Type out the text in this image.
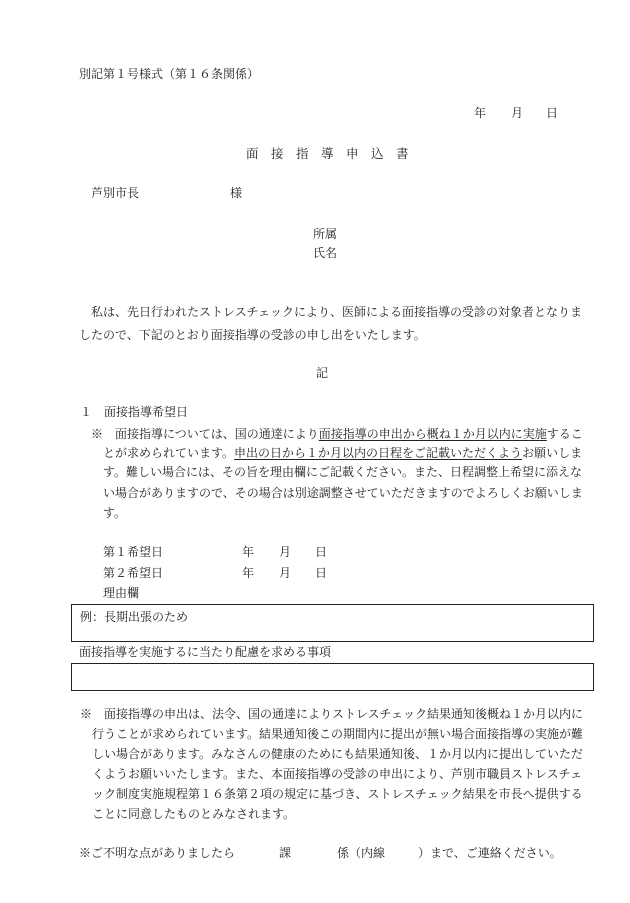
別記第１号様式（第１６条関係）
年 月 日
面　接　指　導　申　込　書
芦別市長	様
所属
氏名
私は、先日行われたストレスチェックにより、医師による面接指導の受診の対象者となりま
したので、下記のとおり面接指導の受診の申し出をいたします。
記
１　面接指導希望日
※　面接指導については、国の通達により面接指導の申出から概ね１か月以内に実施するこ
とが求められています。申出の日から１か月以内の日程をご記載いただくようお願いしま
す。難しい場合には、その旨を理由欄にご記載ください。また、日程調整上希望に添えな
い場合がありますので、その場合は別途調整させていただきますのでよろしくお願いしま
す。
第１希望日	年 月 日
第２希望日	年 月 日
理由欄
例：長期出張のため
面接指導を実施するに当たり配慮を求める事項
※　面接指導の申出は、法令、国の通達によりストレスチェック結果通知後概ね１か月以内に
行うことが求められています。結果通知後この期間内に提出が無い場合面接指導の実施が難
しい場合があります。みなさんの健康のためにも結果通知後、１か月以内に提出していただ
くようお願いいたします。また、本面接指導の受診の申出により、芦別市職員ストレスチェ
ック制度実施規程第１６条第２項の規定に基づき、ストレスチェック結果を市長へ提供する
ことに同意したものとみなされます。
※ご不明な点がありましたら	課	係（内線	）まで、ご連絡ください。
